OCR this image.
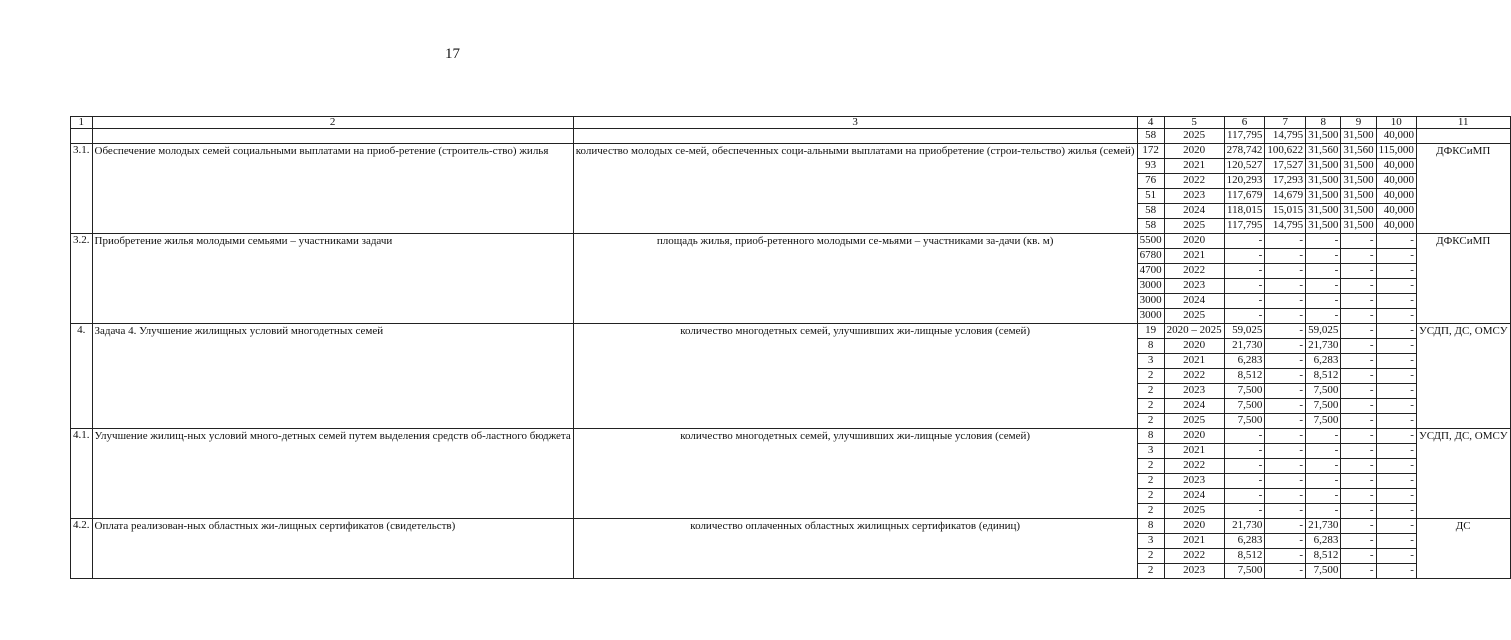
17
1	2	3	4	5	6	7	8	9	10	11
			58	2025	117,795	14,795	31,500	31,500	40,000	
3.1.	Обеспечение молодых семей социальными выплатами на приоб-ретение (строитель-ство) жилья	количество молодых се-мей, обеспеченных соци-альными выплатами на приобретение (строи-тельство) жилья (семей)	172	2020	278,742	100,622	31,560	31,560	115,000	ДФКСиМП
			93	2021	120,527	17,527	31,500	31,500	40,000	
			76	2022	120,293	17,293	31,500	31,500	40,000	
			51	2023	117,679	14,679	31,500	31,500	40,000	
			58	2024	118,015	15,015	31,500	31,500	40,000	
			58	2025	117,795	14,795	31,500	31,500	40,000	
3.2.	Приобретение жилья молодыми семьями – участниками задачи	площадь жилья, приоб-ретенного молодыми се-мьями – участниками за-дачи (кв. м)	5500	2020	-	-	-	-	-	ДФКСиМП
			6780	2021	-	-	-	-	-	
			4700	2022	-	-	-	-	-	
			3000	2023	-	-	-	-	-	
			3000	2024	-	-	-	-	-	
			3000	2025	-	-	-	-	-	
4.	Задача 4. Улучшение жилищных условий многодетных семей	количество многодетных семей, улучшивших жи-лищные условия (семей)	19	2020 – 2025	59,025	-	59,025	-	-	УСДП, ДС, ОМСУ
			8	2020	21,730	-	21,730	-	-	
			3	2021	6,283	-	6,283	-	-	
			2	2022	8,512	-	8,512	-	-	
			2	2023	7,500	-	7,500	-	-	
			2	2024	7,500	-	7,500	-	-	
			2	2025	7,500	-	7,500	-	-	
4.1.	Улучшение жилищ-ных условий много-детных семей путем выделения средств об-ластного бюджета	количество многодетных семей, улучшивших жи-лищные условия (семей)	8	2020	-	-	-	-	-	УСДП, ДС, ОМСУ
			3	2021	-	-	-	-	-	
			2	2022	-	-	-	-	-	
			2	2023	-	-	-	-	-	
			2	2024	-	-	-	-	-	
			2	2025	-	-	-	-	-	
4.2.	Оплата реализован-ных областных жи-лищных сертификатов (свидетельств)	количество оплаченных областных жилищных сертификатов (единиц)	8	2020	21,730	-	21,730	-	-	ДС
			3	2021	6,283	-	6,283	-	-	
			2	2022	8,512	-	8,512	-	-	
			2	2023	7,500	-	7,500	-	-	
